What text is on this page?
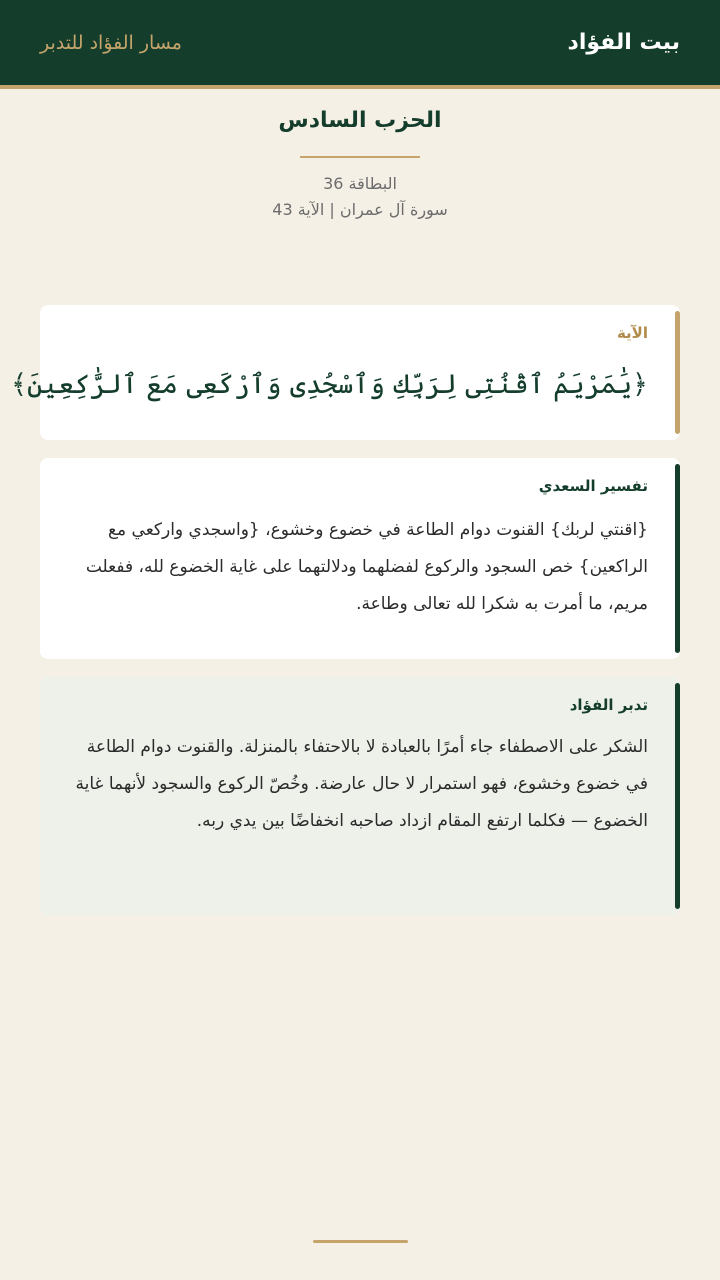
بيت الفؤاد
مسار الفؤاد للتدبر
الحزب السادس
البطاقة 36
سورة آل عمران | الآية 43
الآية
﴿يَٰمَرْيَمُ ٱقْنُتِى لِرَبِّكِ وَٱسْجُدِى وَٱرْكَعِى مَعَ ٱلرَّٰكِعِينَ﴾
تفسير السعدي

{اقنتي لربك} القنوت دوام الطاعة في خضوع وخشوع، {واسجدي واركعي مع الراكعين} خص السجود والركوع لفضلهما ودلالتهما على غاية الخضوع لله، ففعلت مريم، ما أمرت به شكرا لله تعالى وطاعة.

تدبر الفؤاد

الشكر على الاصطفاء جاء أمرًا بالعبادة لا بالاحتفاء بالمنزلة. والقنوت دوام الطاعة في خضوع وخشوع، فهو استمرار لا حال عارضة. وخُصّ الركوع والسجود لأنهما غاية الخضوع — فكلما ارتفع المقام ازداد صاحبه انخفاضًا بين يدي ربه.
